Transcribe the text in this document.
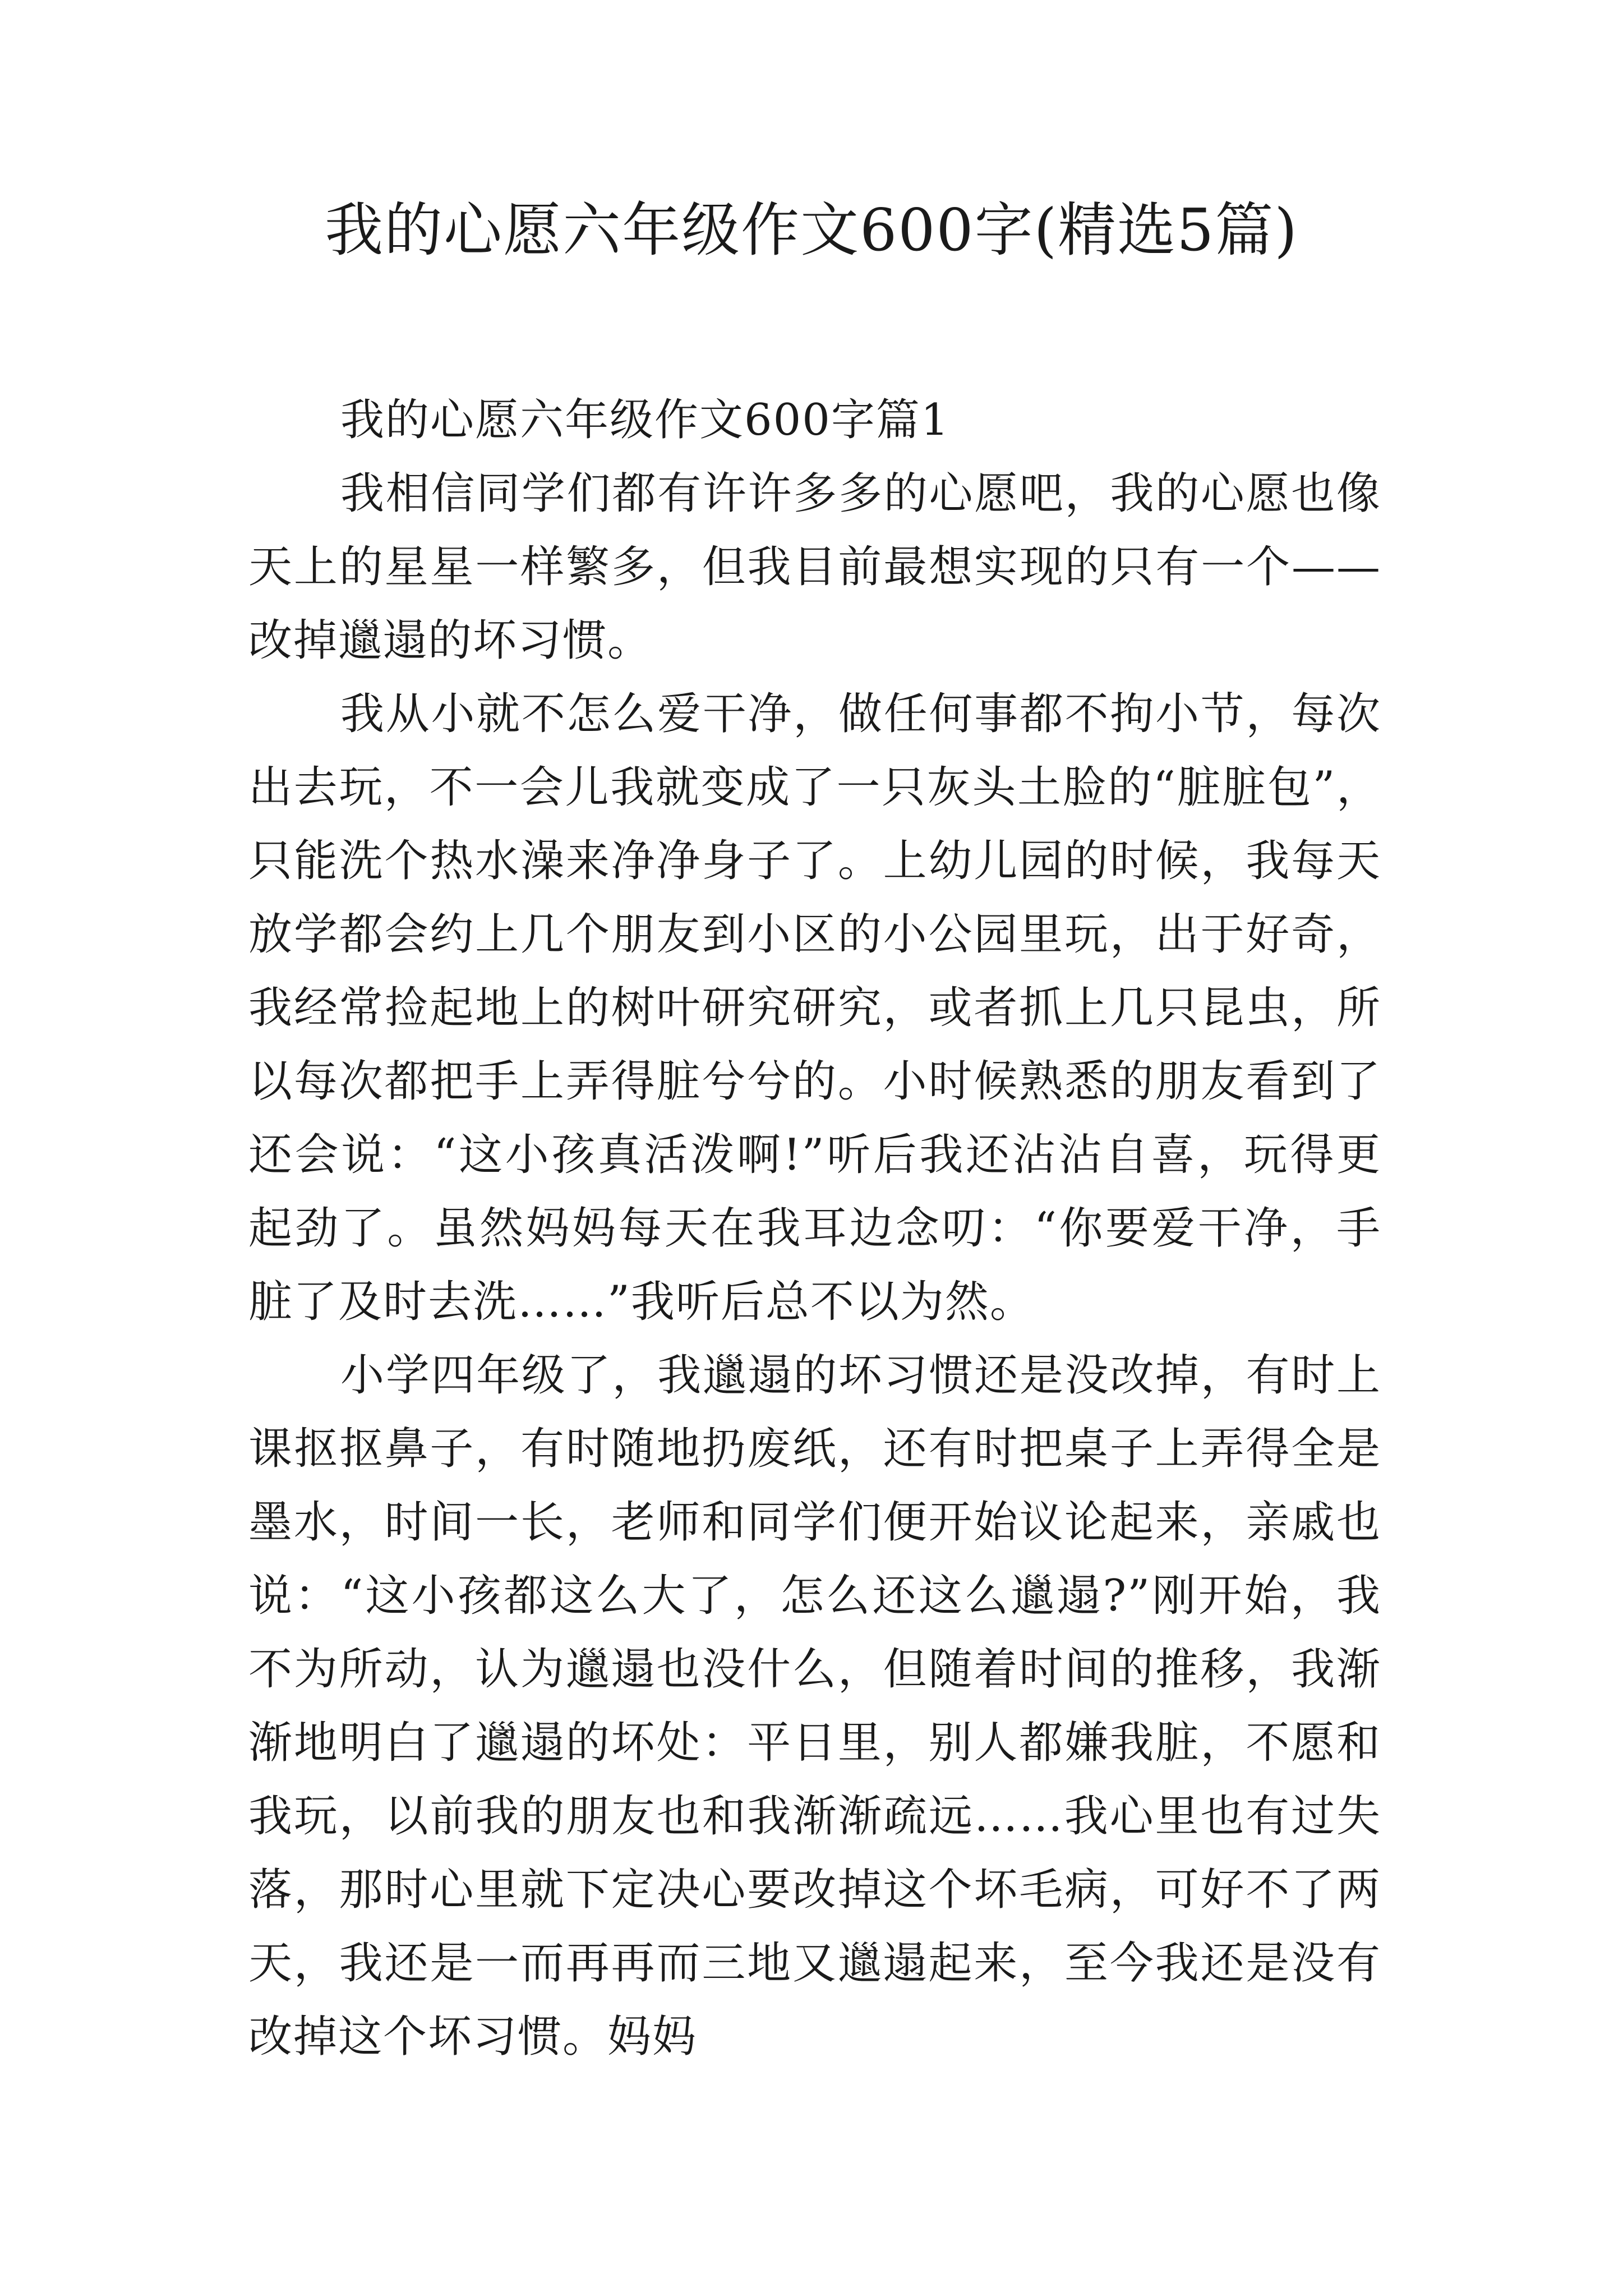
我的心愿六年级作文600字(精选5篇)

我的心愿六年级作文600字篇1

我相信同学们都有许许多多的心愿吧，我的心愿也像天上的星星一样繁多，但我目前最想实现的只有一个——改掉邋遢的坏习惯。

我从小就不怎么爱干净，做任何事都不拘小节，每次出去玩，不一会儿我就变成了一只灰头土脸的“脏脏包”，只能洗个热水澡来净净身子了。上幼儿园的时候，我每天放学都会约上几个朋友到小区的小公园里玩，出于好奇，我经常捡起地上的树叶研究研究，或者抓上几只昆虫，所以每次都把手上弄得脏兮兮的。小时候熟悉的朋友看到了还会说：“这小孩真活泼啊!”听后我还沾沾自喜，玩得更起劲了。虽然妈妈每天在我耳边念叨：“你要爱干净，手脏了及时去洗……”我听后总不以为然。

小学四年级了，我邋遢的坏习惯还是没改掉，有时上课抠抠鼻子，有时随地扔废纸，还有时把桌子上弄得全是墨水，时间一长，老师和同学们便开始议论起来，亲戚也说：“这小孩都这么大了，怎么还这么邋遢?”刚开始，我不为所动，认为邋遢也没什么，但随着时间的推移，我渐渐地明白了邋遢的坏处：平日里，别人都嫌我脏，不愿和我玩，以前我的朋友也和我渐渐疏远……我心里也有过失落，那时心里就下定决心要改掉这个坏毛病，可好不了两天，我还是一而再再而三地又邋遢起来，至今我还是没有改掉这个坏习惯。妈妈
